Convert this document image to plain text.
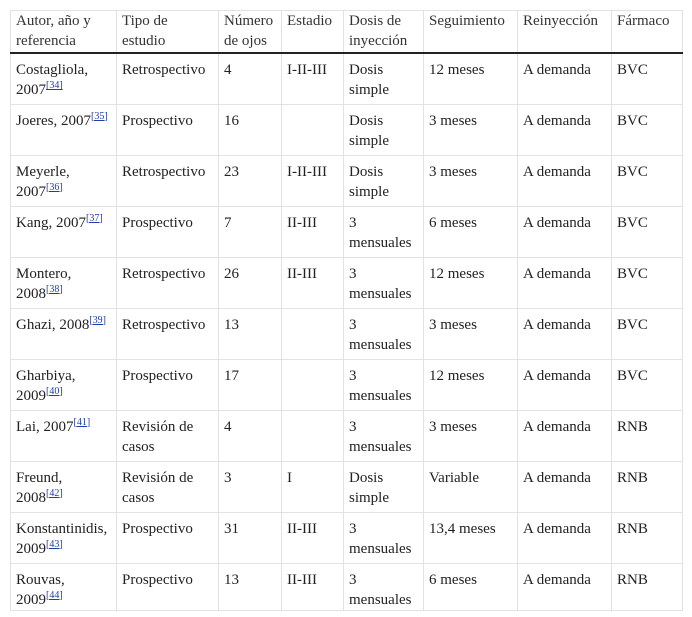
Autor, año y referencia	Tipo de estudio	Número de ojos	Estadio	Dosis de inyección	Seguimiento	Reinyección	Fármaco
Costagliola, 2007[34]	Retrospectivo	4	I-II-III	Dosis simple	12 meses	A demanda	BVC
Joeres, 2007[35]	Prospectivo	16		Dosis simple	3 meses	A demanda	BVC
Meyerle, 2007[36]	Retrospectivo	23	I-II-III	Dosis simple	3 meses	A demanda	BVC
Kang, 2007[37]	Prospectivo	7	II-III	3 mensuales	6 meses	A demanda	BVC
Montero, 2008[38]	Retrospectivo	26	II-III	3 mensuales	12 meses	A demanda	BVC
Ghazi, 2008[39]	Retrospectivo	13		3 mensuales	3 meses	A demanda	BVC
Gharbiya, 2009[40]	Prospectivo	17		3 mensuales	12 meses	A demanda	BVC
Lai, 2007[41]	Revisión de casos	4		3 mensuales	3 meses	A demanda	RNB
Freund, 2008[42]	Revisión de casos	3	I	Dosis simple	Variable	A demanda	RNB
Konstantinidis, 2009[43]	Prospectivo	31	II-III	3 mensuales	13,4 meses	A demanda	RNB
Rouvas, 2009[44]	Prospectivo	13	II-III	3 mensuales	6 meses	A demanda	RNB
